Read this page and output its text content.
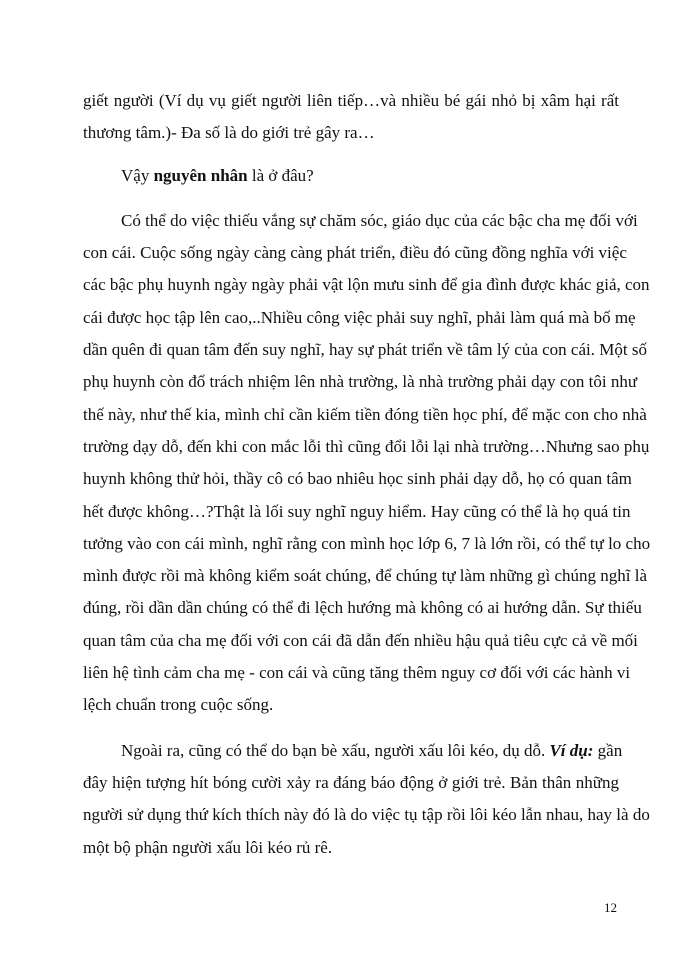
giết người (Ví dụ vụ giết người liên tiếp…và nhiều bé gái nhỏ bị xâm hại rất
thương tâm.)- Đa số là do giới trẻ gây ra…
Vậy nguyên nhân là ở đâu?
Có thể do việc thiếu vắng sự chăm sóc, giáo dục của các bậc cha mẹ đối với
con cái. Cuộc sống ngày càng càng phát triển, điều đó cũng đồng nghĩa với việc
các bậc phụ huynh ngày ngày phải vật lộn mưu sinh để gia đình được khác giả, con
cái được học tập lên cao,..Nhiều công việc phải suy nghĩ, phải làm quá mà bố mẹ
dần quên đi quan tâm đến suy nghĩ, hay sự phát triển về tâm lý của con cái. Một số
phụ huynh còn đổ trách nhiệm lên nhà trường, là nhà trường phải dạy con tôi như
thế này, như thế kia, mình chỉ cần kiếm tiền đóng tiền học phí, để mặc con cho nhà
trường dạy dỗ, đến khi con mắc lỗi thì cũng đổi lỗi lại nhà trường…Nhưng sao phụ
huynh không thử hỏi, thầy cô có bao nhiêu học sinh phải dạy dỗ, họ có quan tâm
hết được không…?Thật là lối suy nghĩ nguy hiểm. Hay cũng có thể là họ quá tin
tưởng vào con cái mình, nghĩ rằng con mình học lớp 6, 7 là lớn rồi, có thể tự lo cho
mình được rồi mà không kiểm soát chúng, để chúng tự làm những gì chúng nghĩ là
đúng, rồi dần dần chúng có thể đi lệch hướng mà không có ai hướng dẫn. Sự thiếu
quan tâm của cha mẹ đối với con cái đã dẫn đến nhiều hậu quả tiêu cực cả về mối
liên hệ tình cảm cha mẹ - con cái và cũng tăng thêm nguy cơ đối với các hành vi
lệch chuẩn trong cuộc sống.
Ngoài ra, cũng có thể do bạn bè xấu, người xấu lôi kéo, dụ dỗ. Ví dụ: gần
đây hiện tượng hít bóng cười xảy ra đáng báo động ở giới trẻ. Bản thân những
người sử dụng thứ kích thích này đó là do việc tụ tập rồi lôi kéo lẫn nhau, hay là do
một bộ phận người xấu lôi kéo rủ rê.
12
